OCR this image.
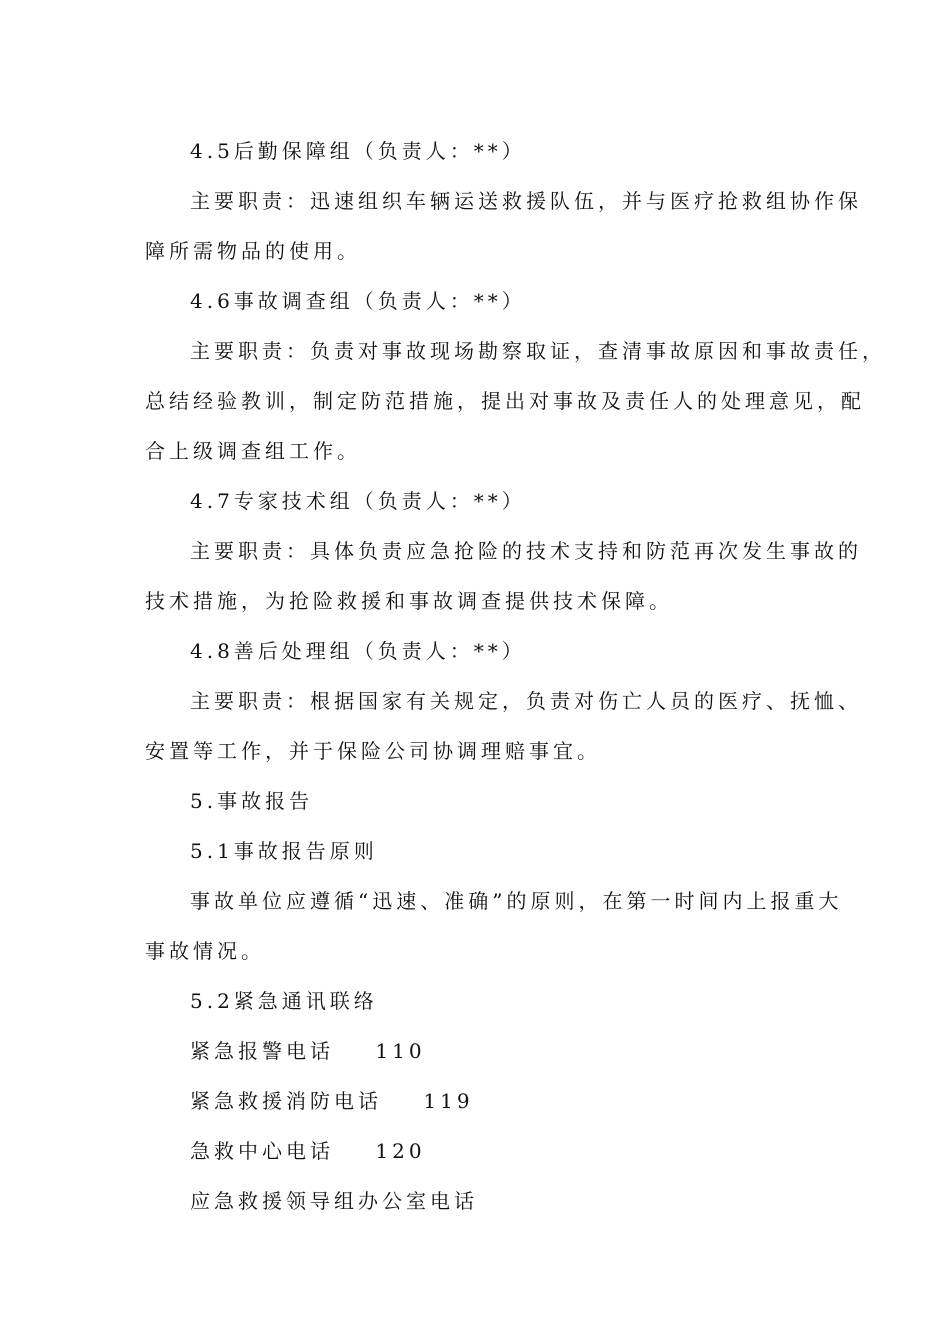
4.5后勤保障组（负责人：**）
主要职责：迅速组织车辆运送救援队伍，并与医疗抢救组协作保
障所需物品的使用。
4.6事故调查组（负责人：**）
主要职责：负责对事故现场勘察取证，查清事故原因和事故责任，
总结经验教训，制定防范措施，提出对事故及责任人的处理意见，配
合上级调查组工作。
4.7专家技术组（负责人：**）
主要职责：具体负责应急抢险的技术支持和防范再次发生事故的
技术措施，为抢险救援和事故调查提供技术保障。
4.8善后处理组（负责人：**）
主要职责：根据国家有关规定，负责对伤亡人员的医疗、抚恤、
安置等工作，并于保险公司协调理赔事宜。
5.事故报告
5.1事故报告原则
事故单位应遵循“迅速、准确”的原则，在第一时间内上报重大
事故情况。
5.2紧急通讯联络
紧急报警电话    110
紧急救援消防电话    119
急救中心电话    120
应急救援领导组办公室电话
